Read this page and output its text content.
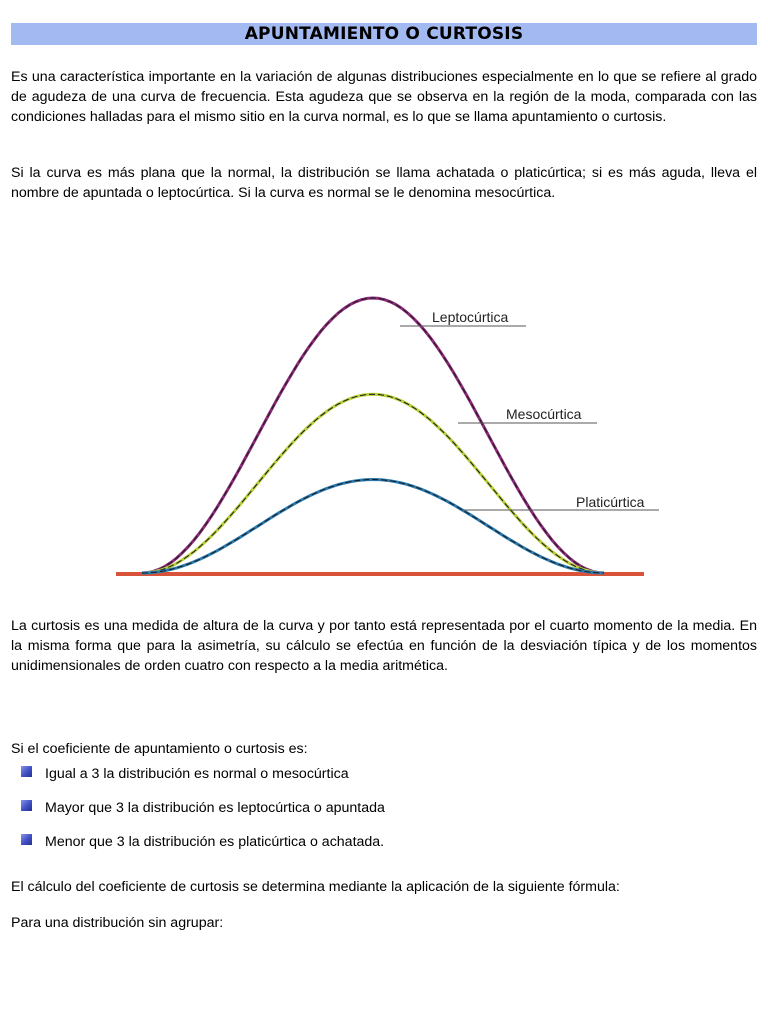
APUNTAMIENTO O CURTOSIS

Es una característica importante en la variación de algunas distribuciones especialmente en lo que se refiere al grado de agudeza de una curva de frecuencia. Esta agudeza que se observa en la región de la moda, comparada con las condiciones halladas para el mismo sitio en la curva normal, es lo que se llama apuntamiento o curtosis.

Si la curva es más plana que la normal, la distribución se llama achatada o platicúrtica; si es más aguda, lleva el nombre de apuntada o leptocúrtica. Si la curva es normal se le denomina mesocúrtica.

Leptocúrtica
Mesocúrtica
Platicúrtica

La curtosis es una medida de altura de la curva y por tanto está representada por el cuarto momento de la media. En la misma forma que para la asimetría, su cálculo se efectúa en función de la desviación típica y de los momentos unidimensionales de orden cuatro con respecto a la media aritmética.

Si el coeficiente de apuntamiento o curtosis es:

Igual a 3 la distribución es normal o mesocúrtica
Mayor que 3 la distribución es leptocúrtica o apuntada
Menor que 3 la distribución es platicúrtica o achatada.

El cálculo del coeficiente de curtosis se determina mediante la aplicación de la siguiente fórmula:

Para una distribución sin agrupar:
